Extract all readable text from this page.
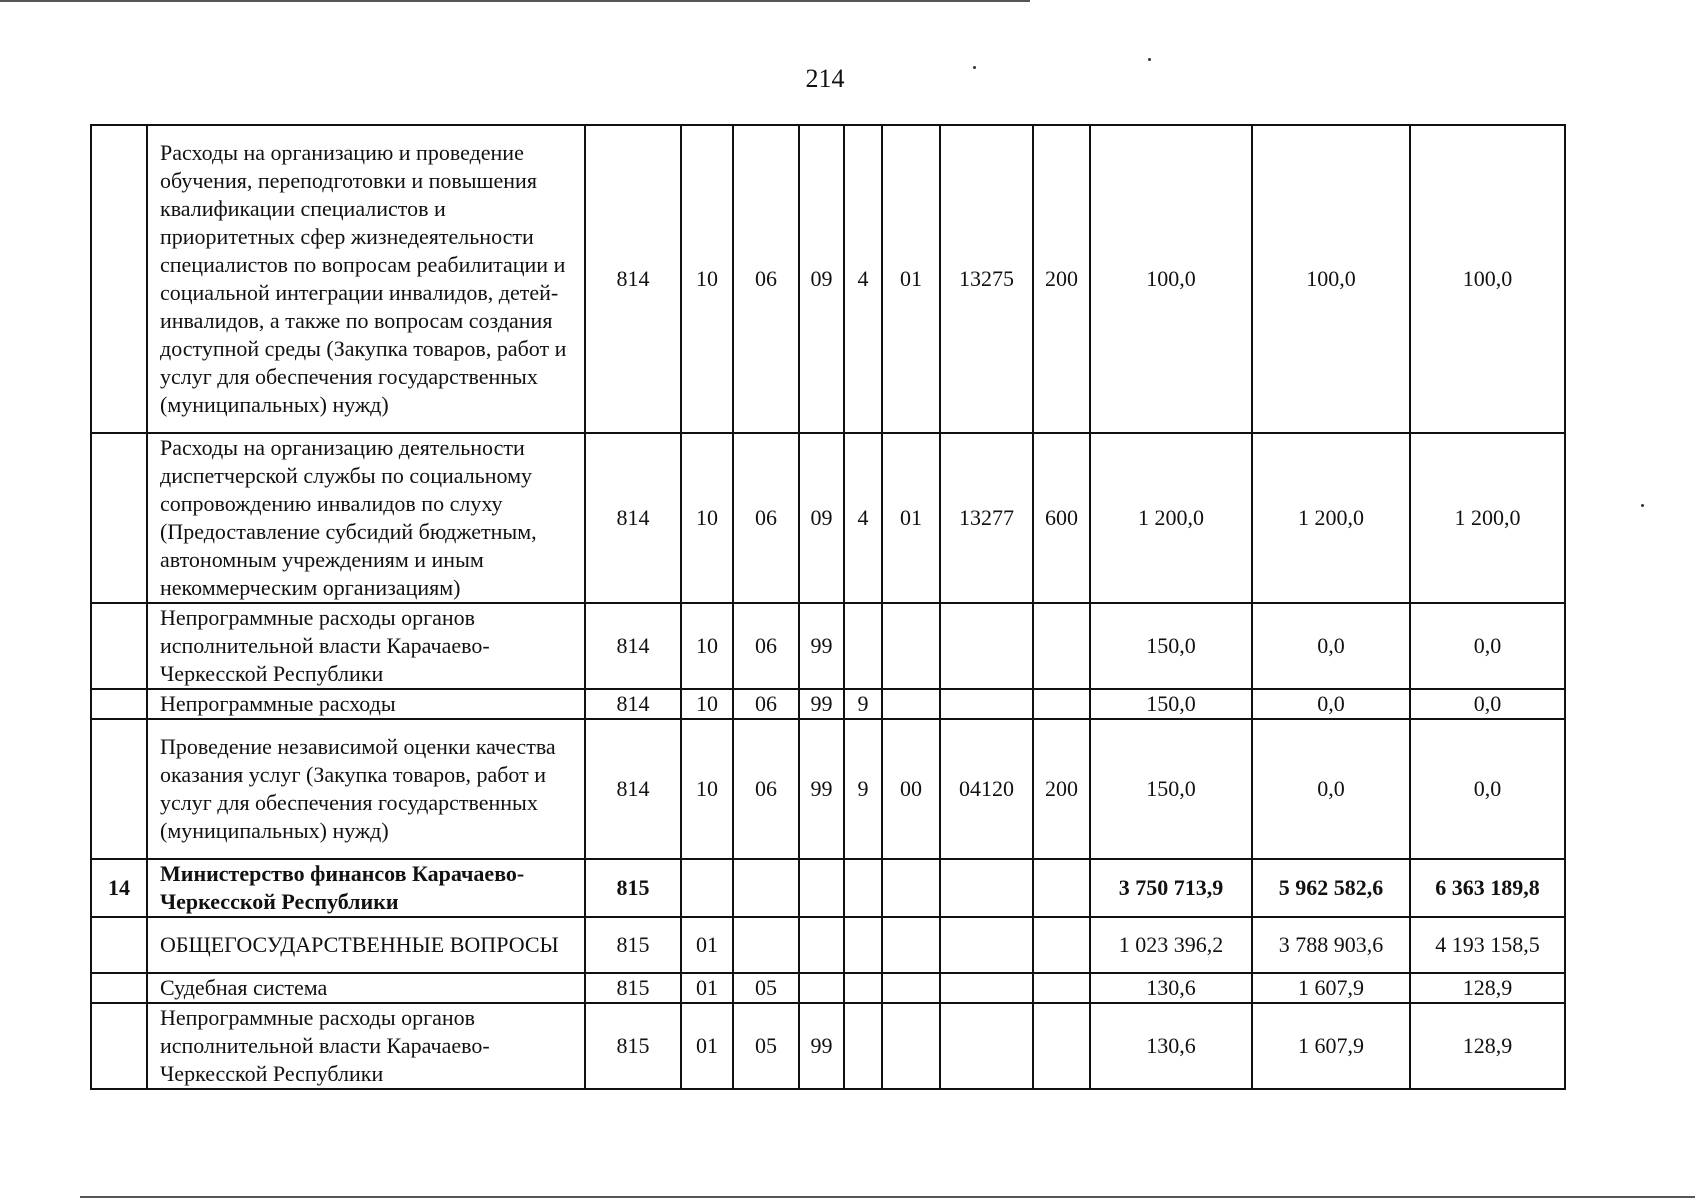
214
	Расходы на организацию и проведение обучения, переподготовки и повышения квалификации специалистов и приоритетных сфер жизнедеятельности специалистов по вопросам реабилитации и социальной интеграции инвалидов, детей-инвалидов, а также по вопросам создания доступной среды (Закупка товаров, работ и услуг для обеспечения государственных (муниципальных) нужд)	814	10	06	09	4	01	13275	200	100,0	100,0	100,0
	Расходы на организацию деятельности диспетчерской службы по социальному сопровождению инвалидов по слуху (Предоставление субсидий бюджетным, автономным учреждениям и иным некоммерческим организациям)	814	10	06	09	4	01	13277	600	1 200,0	1 200,0	1 200,0
	Непрограммные расходы органов исполнительной власти Карачаево-Черкесской Республики	814	10	06	99					150,0	0,0	0,0
	Непрограммные расходы	814	10	06	99	9				150,0	0,0	0,0
	Проведение независимой оценки качества оказания услуг (Закупка товаров, работ и услуг для обеспечения государственных (муниципальных) нужд)	814	10	06	99	9	00	04120	200	150,0	0,0	0,0
14	Министерство финансов Карачаево-Черкесской Республики	815								3 750 713,9	5 962 582,6	6 363 189,8
	ОБЩЕГОСУДАРСТВЕННЫЕ ВОПРОСЫ	815	01							1 023 396,2	3 788 903,6	4 193 158,5
	Судебная система	815	01	05						130,6	1 607,9	128,9
	Непрограммные расходы органов исполнительной власти Карачаево-Черкесской Республики	815	01	05	99					130,6	1 607,9	128,9
